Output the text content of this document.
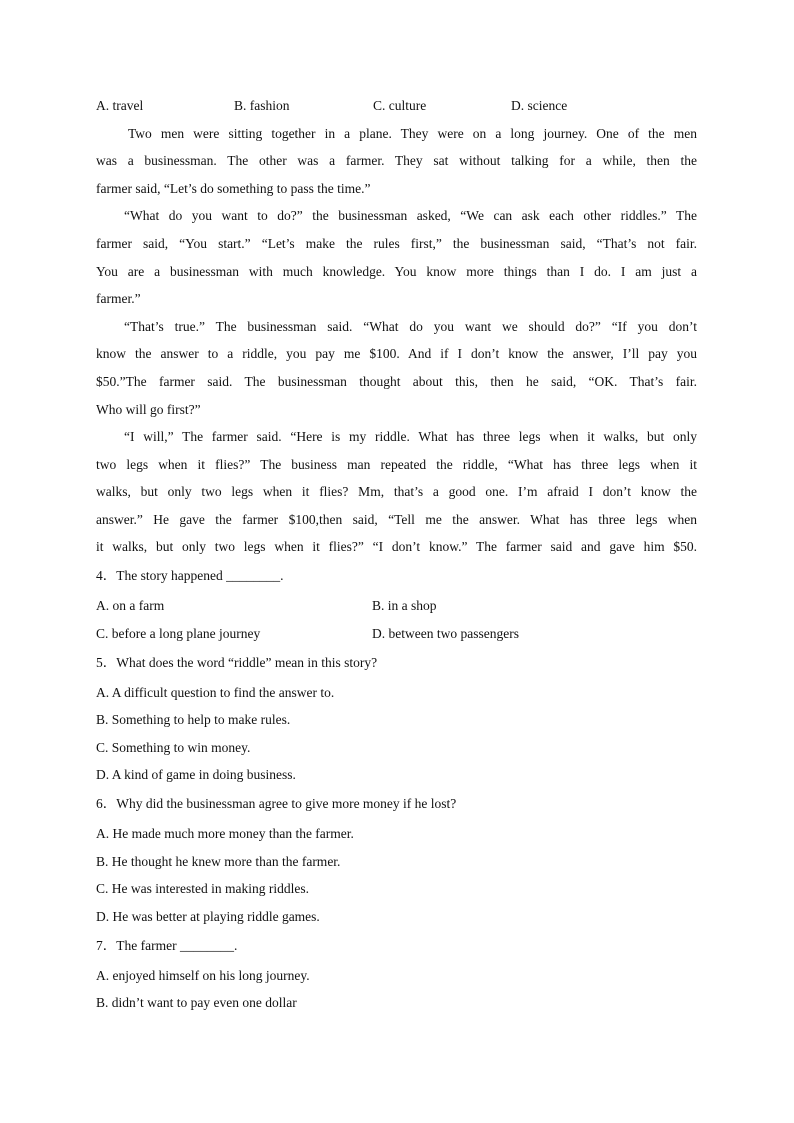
A. travel	B. fashion	C. culture	D. science
Two men were sitting together in a plane. They were on a long journey. One of the men
was a businessman. The other was a farmer. They sat without talking for a while, then the
farmer said, “Let’s do something to pass the time.”
“What do you want to do?” the businessman asked, “We can ask each other riddles.” The
farmer said, “You start.” “Let’s make the rules first,” the businessman said, “That’s not fair.
You are a businessman with much knowledge. You know more things than I do. I am just a
farmer.”
“That’s true.” The businessman said. “What do you want we should do?” “If you don’t
know the answer to a riddle, you pay me $100. And if I don’t know the answer, I’ll pay you
$50.”The farmer said. The businessman thought about this, then he said, “OK. That’s fair.
Who will go first?”
“I will,” The farmer said. “Here is my riddle. What has three legs when it walks, but only
two legs when it flies?” The business man repeated the riddle, “What has three legs when it
walks, but only two legs when it flies? Mm, that’s a good one. I’m afraid I don’t know the
answer.” He gave the farmer $100,then said, “Tell me the answer. What has three legs when
it walks, but only two legs when it flies?” “I don’t know.” The farmer said and gave him $50.
4．The story happened ________.
A. on a farm	B. in a shop
C. before a long plane journey	D. between two passengers
5．What does the word “riddle” mean in this story?
A. A difficult question to find the answer to.
B. Something to help to make rules.
C. Something to win money.
D. A kind of game in doing business.
6．Why did the businessman agree to give more money if he lost?
A. He made much more money than the farmer.
B. He thought he knew more than the farmer.
C. He was interested in making riddles.
D. He was better at playing riddle games.
7．The farmer ________.
A. enjoyed himself on his long journey.
B. didn’t want to pay even one dollar
